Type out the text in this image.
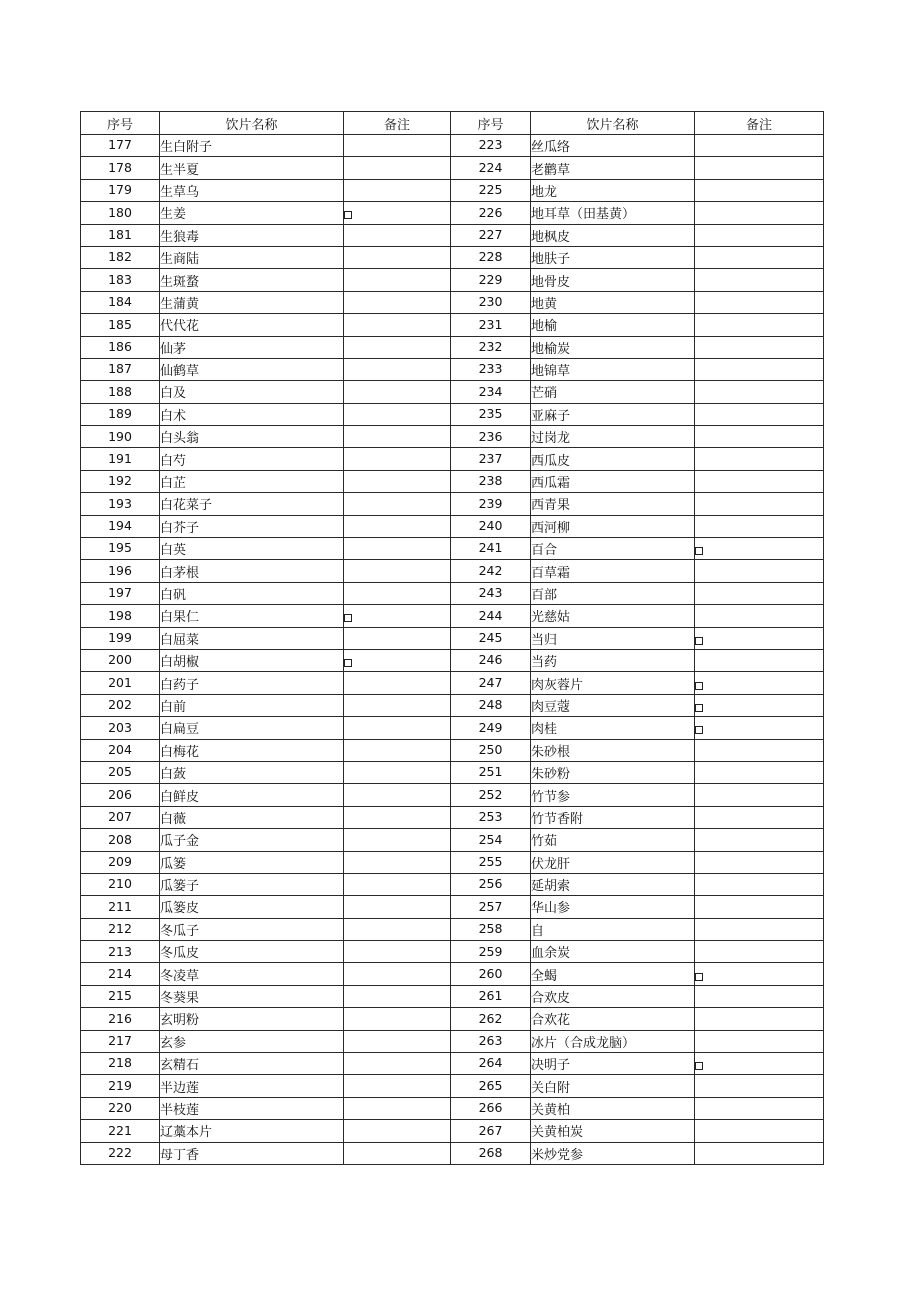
序号	饮片名称	备注	序号	饮片名称	备注
177	生白附子		223	丝瓜络	
178	生半夏		224	老鹳草	
179	生草乌		225	地龙	
180	生姜		226	地耳草（田基黄）	
181	生狼毒		227	地枫皮	
182	生商陆		228	地肤子	
183	生斑蝥		229	地骨皮	
184	生蒲黄		230	地黄	
185	代代花		231	地榆	
186	仙茅		232	地榆炭	
187	仙鹤草		233	地锦草	
188	白及		234	芒硝	
189	白术		235	亚麻子	
190	白头翁		236	过岗龙	
191	白芍		237	西瓜皮	
192	白芷		238	西瓜霜	
193	白花菜子		239	西青果	
194	白芥子		240	西河柳	
195	白英		241	百合	
196	白茅根		242	百草霜	
197	白矾		243	百部	
198	白果仁		244	光慈姑	
199	白屈菜		245	当归	
200	白胡椒		246	当药	
201	白药子		247	肉灰蓉片	
202	白前		248	肉豆蔻	
203	白扁豆		249	肉桂	
204	白梅花		250	朱砂根	
205	白蔹		251	朱砂粉	
206	白鲜皮		252	竹节参	
207	白薇		253	竹节香附	
208	瓜子金		254	竹茹	
209	瓜篓		255	伏龙肝	
210	瓜篓子		256	延胡索	
211	瓜篓皮		257	华山参	
212	冬瓜子		258	自	
213	冬瓜皮		259	血余炭	
214	冬凌草		260	全蝎	
215	冬葵果		261	合欢皮	
216	玄明粉		262	合欢花	
217	玄参		263	冰片（合成龙脑）	
218	玄精石		264	决明子	
219	半边莲		265	关白附	
220	半枝莲		266	关黄柏	
221	辽藁本片		267	关黄柏炭	
222	母丁香		268	米炒党参	
